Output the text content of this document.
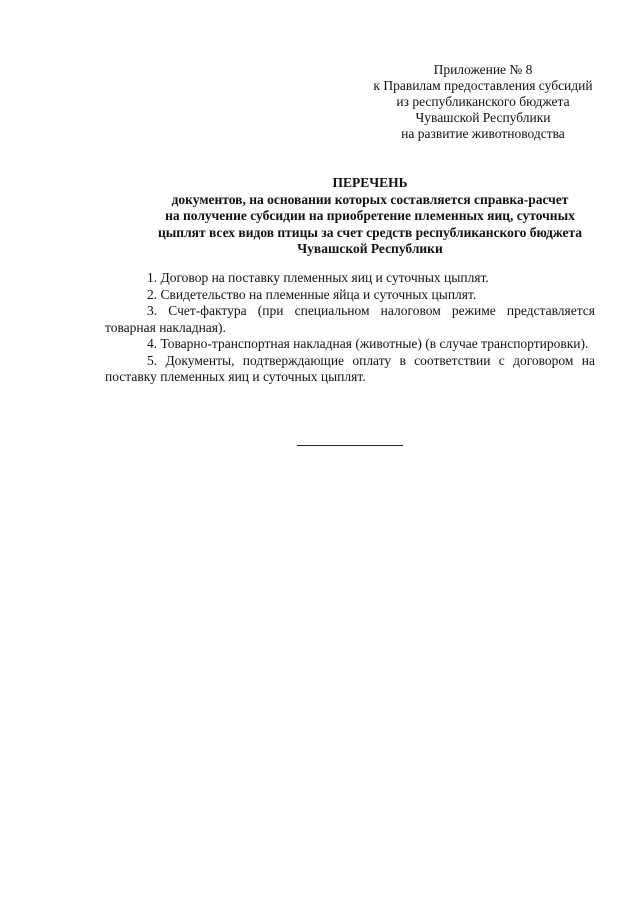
Приложение № 8
к Правилам предоставления субсидий
из республиканского бюджета
Чувашской Республики
на развитие животноводства
ПЕРЕЧЕНЬ
документов, на основании которых составляется справка-расчет
на получение субсидии на приобретение племенных яиц, суточных
цыплят всех видов птицы за счет средств республиканского бюджета
Чувашской Республики

1. Договор на поставку племенных яиц и суточных цыплят.

2. Свидетельство на племенные яйца и суточных цыплят.

3. Счет-фактура (при специальном налоговом режиме представляется товарная накладная).

4. Товарно-транспортная накладная (животные) (в случае транспортировки).

5. Документы, подтверждающие оплату в соответствии с договором на поставку племенных яиц и суточных цыплят.
